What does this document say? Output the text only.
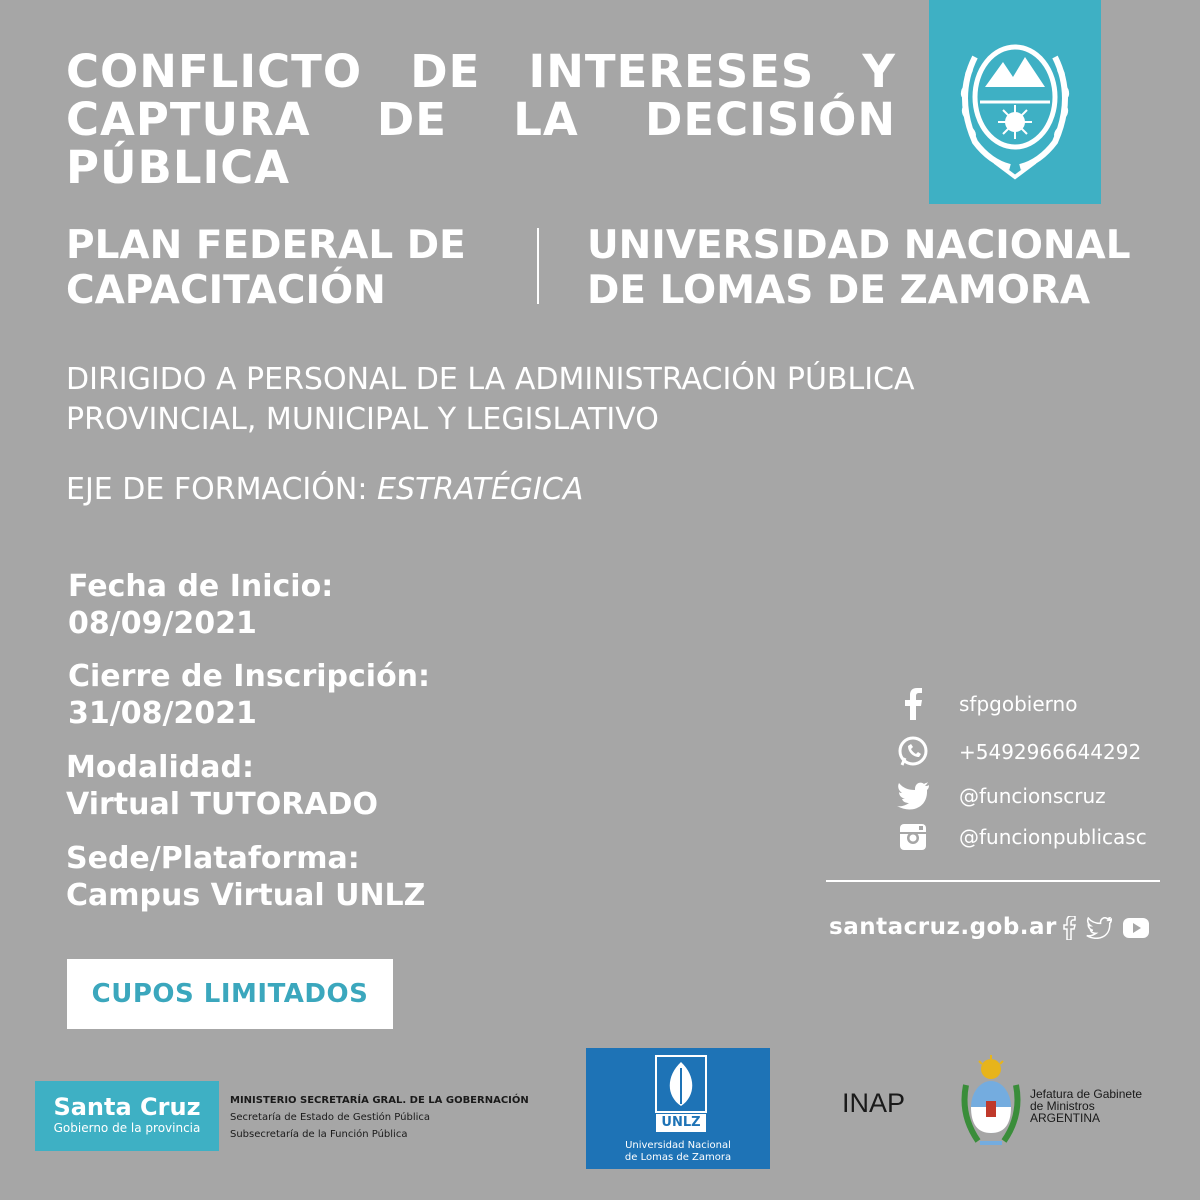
CONFLICTO DE INTERESES Y CAPTURA DE LA DECISIÓN PÚBLICA
PLAN FEDERAL DE
CAPACITACIÓN
UNIVERSIDAD NACIONAL
DE LOMAS DE ZAMORA
DIRIGIDO A PERSONAL DE LA ADMINISTRACIÓN PÚBLICA
PROVINCIAL, MUNICIPAL Y LEGISLATIVO
EJE DE FORMACIÓN: ESTRATÉGICA
Fecha de Inicio:
08/09/2021
Cierre de Inscripción:
31/08/2021
Modalidad:
Virtual TUTORADO
Sede/Plataforma:
Campus Virtual UNLZ
CUPOS LIMITADOS
sfpgobierno
+5492966644292
@funcionscruz
@funcionpublicasc
santacruz.gob.ar
Santa Cruz
Gobierno de la provincia
MINISTERIO SECRETARÍA GRAL. DE LA GOBERNACIÓN
Secretaría de Estado de Gestión Pública
Subsecretaría de la Función Pública
UNLZ
Universidad Nacional
de Lomas de Zamora
INAP	Jefatura de Gabinete
de Ministros
ARGENTINA
